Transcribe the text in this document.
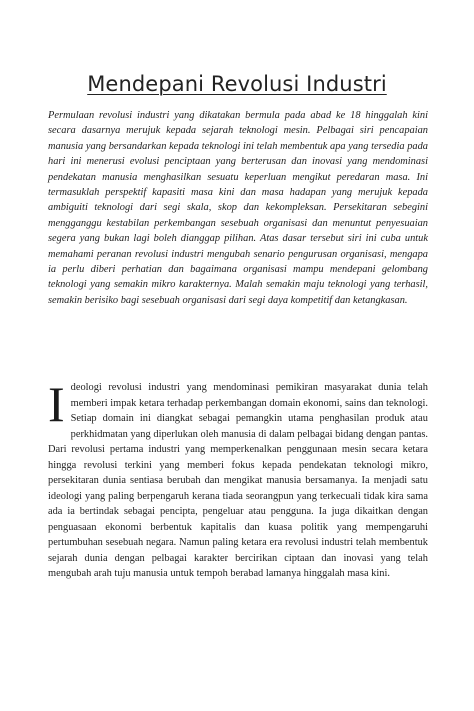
Mendepani Revolusi Industri

Permulaan revolusi industri yang dikatakan bermula pada abad ke 18 hinggalah kini secara dasarnya merujuk kepada sejarah teknologi mesin. Pelbagai siri pencapaian manusia yang bersandarkan kepada teknologi ini telah membentuk apa yang tersedia pada hari ini menerusi evolusi penciptaan yang berterusan dan inovasi yang mendominasi pendekatan manusia menghasilkan sesuatu keperluan mengikut peredaran masa. Ini termasuklah perspektif kapasiti masa kini dan masa hadapan yang merujuk kepada ambiguiti teknologi dari segi skala, skop dan kekompleksan. Persekitaran sebegini mengganggu kestabilan perkembangan sesebuah organisasi dan menuntut penyesuaian segera yang bukan lagi boleh dianggap pilihan. Atas dasar tersebut siri ini cuba untuk memahami peranan revolusi industri mengubah senario pengurusan organisasi, mengapa ia perlu diberi perhatian dan bagaimana organisasi mampu mendepani gelombang teknologi yang semakin mikro karakternya. Malah semakin maju teknologi yang terhasil, semakin berisiko bagi sesebuah organisasi dari segi daya kompetitif dan ketangkasan.

I deologi revolusi industri yang mendominasi pemikiran masyarakat dunia telah memberi impak ketara terhadap perkembangan domain ekonomi, sains dan teknologi. Setiap domain ini diangkat sebagai pemangkin utama penghasilan produk atau perkhidmatan yang diperlukan oleh manusia di dalam pelbagai bidang dengan pantas. Dari revolusi pertama industri yang memperkenalkan penggunaan mesin secara ketara hingga revolusi terkini yang memberi fokus kepada pendekatan teknologi mikro, persekitaran dunia sentiasa berubah dan mengikat manusia bersamanya. Ia menjadi satu ideologi yang paling berpengaruh kerana tiada seorangpun yang terkecuali tidak kira sama ada ia bertindak sebagai pencipta, pengeluar atau pengguna. Ia juga dikaitkan dengan penguasaan ekonomi berbentuk kapitalis dan kuasa politik yang mempengaruhi pertumbuhan sesebuah negara. Namun paling ketara era revolusi industri telah membentuk sejarah dunia dengan pelbagai karakter bercirikan ciptaan dan inovasi yang telah mengubah arah tuju manusia untuk tempoh berabad lamanya hinggalah masa kini.
